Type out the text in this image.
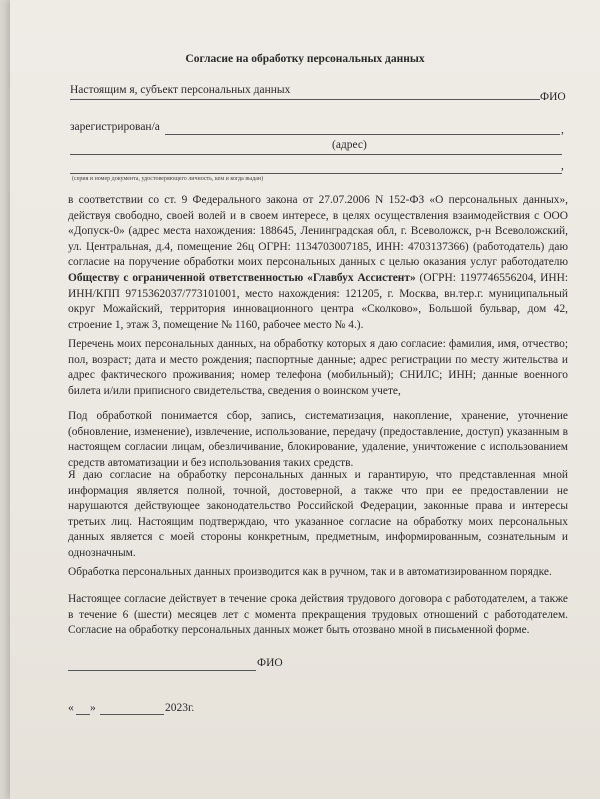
Согласие на обработку персональных данных
Настоящим я, субъект персональных данных
ФИО
зарегистрирован/а	,
(адрес)
(серия и номер документа, удостоверяющего личность, кем и когда выдан)
,
в соответствии со ст. 9 Федерального закона от 27.07.2006 N 152-ФЗ «О персональных данных», действуя свободно, своей волей и в своем интересе, в целях осуществления взаимодействия с ООО «Допуск-0» (адрес места нахождения: 188645, Ленинградская обл, г. Всеволожск, р-н Всеволожский, ул. Центральная, д.4, помещение 26ц ОГРН: 1134703007185, ИНН: 4703137366) (работодатель) даю согласие на поручение обработки моих персональных данных с целью оказания услуг работодателю Обществу с ограниченной ответственностью «Главбух Ассистент» (ОГРН: 1197746556204, ИНН: ИНН/КПП 9715362037/773101001, место нахождения: 121205, г. Москва, вн.тер.г. муниципальный округ Можайский, территория инновационного центра «Сколково», Большой бульвар, дом 42, строение 1, этаж 3, помещение № 1160, рабочее место № 4.).
Перечень моих персональных данных, на обработку которых я даю согласие: фамилия, имя, отчество; пол, возраст; дата и место рождения; паспортные данные; адрес регистрации по месту жительства и адрес фактического проживания; номер телефона (мобильный); СНИЛС; ИНН; данные военного билета и/или приписного свидетельства, сведения о воинском учете,
Под обработкой понимается сбор, запись, систематизация, накопление, хранение, уточнение (обновление, изменение), извлечение, использование, передачу (предоставление, доступ) указанным в настоящем согласии лицам, обезличивание, блокирование, удаление, уничтожение с использованием средств автоматизации и без использования таких средств.
Я даю согласие на обработку персональных данных и гарантирую, что представленная мной информация является полной, точной, достоверной, а также что при ее предоставлении не нарушаются действующее законодательство Российской Федерации, законные права и интересы третьих лиц. Настоящим подтверждаю, что указанное согласие на обработку моих персональных данных является с моей стороны конкретным, предметным, информированным, сознательным и однозначным.
Обработка персональных данных производится как в ручном, так и в автоматизированном порядке.
Настоящее согласие действует в течение срока действия трудового договора с работодателем, а также в течение 6 (шести) месяцев лет с момента прекращения трудовых отношений с работодателем. Согласие на обработку персональных данных может быть отозвано мной в письменной форме.
ФИО
« »	2023г.
